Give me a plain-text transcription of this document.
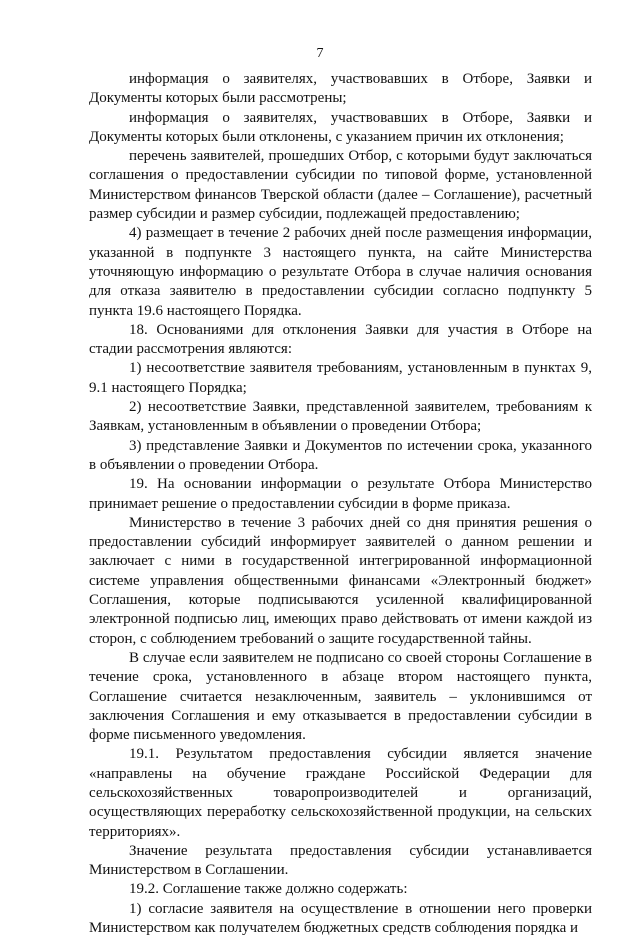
7

информация о заявителях, участвовавших в Отборе, Заявки и Документы которых были рассмотрены;

информация о заявителях, участвовавших в Отборе, Заявки и Документы которых были отклонены, с указанием причин их отклонения;

перечень заявителей, прошедших Отбор, с которыми будут заключаться соглашения о предоставлении субсидии по типовой форме, установленной Министерством финансов Тверской области (далее – Соглашение), расчетный размер субсидии и размер субсидии, подлежащей предоставлению;

4) размещает в течение 2 рабочих дней после размещения информации, указанной в подпункте 3 настоящего пункта, на сайте Министерства уточняющую информацию о результате Отбора в случае наличия основания для отказа заявителю в предоставлении субсидии согласно подпункту 5 пункта 19.6 настоящего Порядка.

18. Основаниями для отклонения Заявки для участия в Отборе на стадии рассмотрения являются:

1) несоответствие заявителя требованиям, установленным в пунктах 9, 9.1 настоящего Порядка;

2) несоответствие Заявки, представленной заявителем, требованиям к Заявкам, установленным в объявлении о проведении Отбора;

3) представление Заявки и Документов по истечении срока, указанного в объявлении о проведении Отбора.

19. На основании информации о результате Отбора Министерство принимает решение о предоставлении субсидии в форме приказа.

Министерство в течение 3 рабочих дней со дня принятия решения о предоставлении субсидий информирует заявителей о данном решении и заключает с ними в государственной интегрированной информационной системе управления общественными финансами «Электронный бюджет» Соглашения, которые подписываются усиленной квалифицированной электронной подписью лиц, имеющих право действовать от имени каждой из сторон, с соблюдением требований о защите государственной тайны.

В случае если заявителем не подписано со своей стороны Соглашение в течение срока, установленного в абзаце втором настоящего пункта, Соглашение считается незаключенным, заявитель – уклонившимся от заключения Соглашения и ему отказывается в предоставлении субсидии в форме письменного уведомления.

19.1. Результатом предоставления субсидии является значение «направлены на обучение граждане Российской Федерации для сельскохозяйственных товаропроизводителей и организаций, осуществляющих переработку сельскохозяйственной продукции, на сельских территориях».

Значение результата предоставления субсидии устанавливается Министерством в Соглашении.

19.2. Соглашение также должно содержать:

1) согласие заявителя на осуществление в отношении него проверки Министерством как получателем бюджетных средств соблюдения порядка и
